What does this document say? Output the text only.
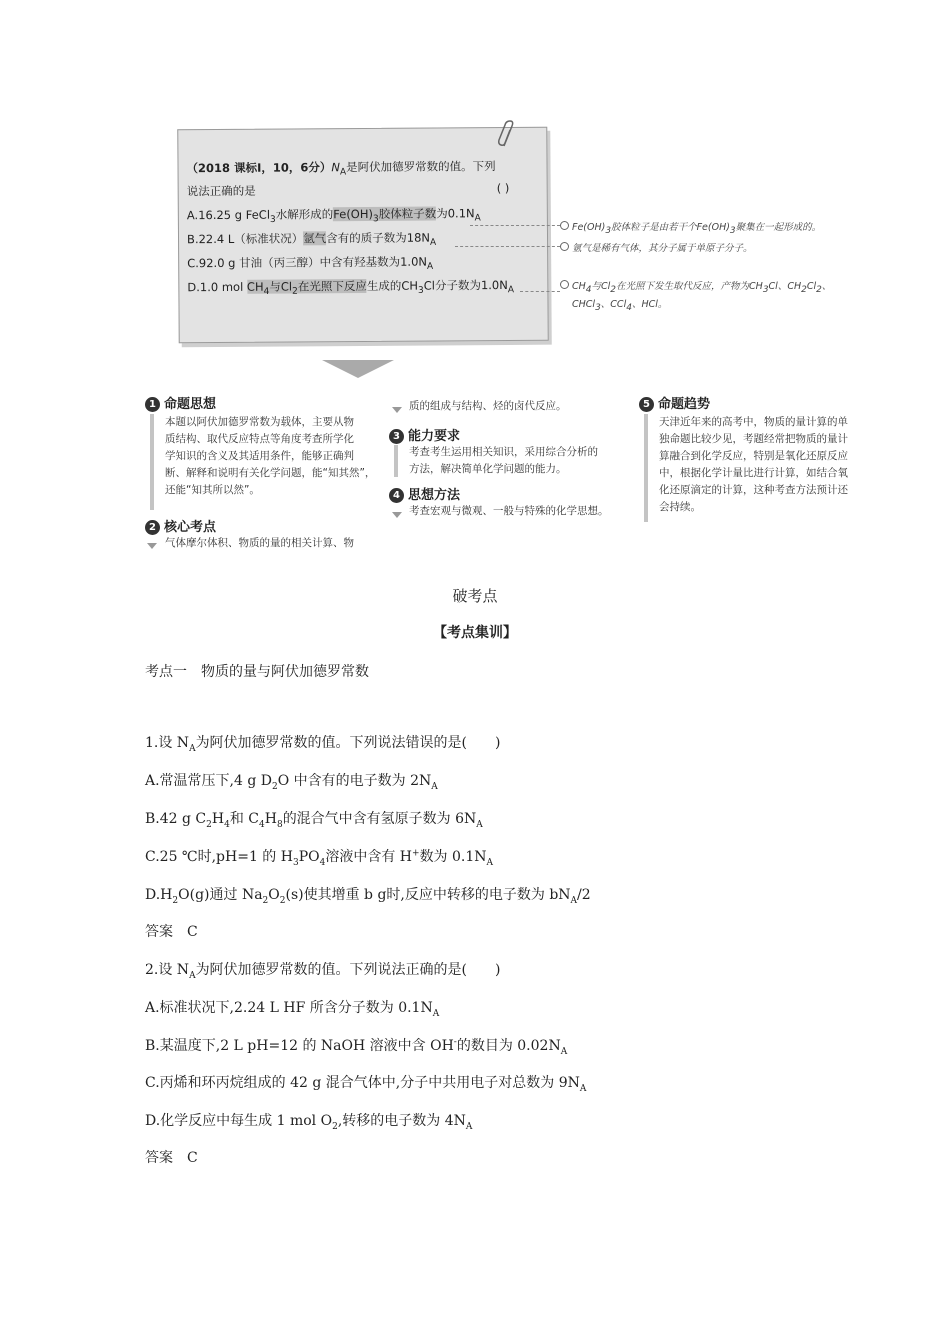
（2018 课标Ⅰ，10，6分）$N_A$是阿伏加德罗常数的值。下列
说法正确的是	( )
A.16.25 g FeCl$_3$水解形成的$Fe(OH)_3$胶体粒子数为$0.1N_A$
B.22.4 L（标准状况）氩气含有的质子数为$18N_A$
C.92.0 g 甘油（丙三醇）中含有羟基数为$1.0N_A$
D.1.0 mol $CH_4$与$Cl_2$在光照下反应生成的$CH_3Cl$分子数为$1.0N_A$
$Fe(OH)_3$胶体粒子是由若干个$Fe(OH)_3$聚集在一起形成的。
氩气是稀有气体，其分子属于单原子分子。
$CH_4$与$Cl_2$在光照下发生取代反应，产物为$CH_3Cl$、$CH_2Cl_2$、
CHCl$_3$、CCl$_4$、HCl。
1 命题思想
本题以阿伏加德罗常数为载体，主要从物
质结构、取代反应特点等角度考查所学化
学知识的含义及其适用条件，能够正确判
断、解释和说明有关化学问题，能“知其然”，
还能“知其所以然”。
2 核心考点
气体摩尔体积、物质的量的相关计算、物
质的组成与结构、烃的卤代反应。
3 能力要求
考查考生运用相关知识，采用综合分析的
方法，解决简单化学问题的能力。
4 思想方法
考查宏观与微观、一般与特殊的化学思想。
5 命题趋势
天津近年来的高考中，物质的量计算的单
独命题比较少见，考题经常把物质的量计
算融合到化学反应，特别是氧化还原反应
中，根据化学计量比进行计算，如结合氧
化还原滴定的计算，这种考查方法预计还
会持续。
破考点
【考点集训】
考点一　物质的量与阿伏加德罗常数
1.设 $N_A$为阿伏加德罗常数的值。下列说法错误的是(　　)
A.常温常压下,4 g $D_2O$ 中含有的电子数为 $2N_A$
B.42 g $C_2H_4$和 $C_4H_8$的混合气中含有氢原子数为 $6N_A$
C.25 ℃时,pH=1 的 $H_3PO_4$溶液中含有 H+数为 $0.1N_A$
$D.H_2O(g)$通过 $Na_2O_2(s)$使其增重 b g时,反应中转移的电子数为 $bN_A/2$
答案　C
2.设 $N_A$为阿伏加德罗常数的值。下列说法正确的是(　　)
A.标准状况下,2.24 L HF 所含分子数为 $0.1N_A$
B.某温度下,2 L pH=12 的 NaOH 溶液中含 OH-的数目为 $0.02N_A$
C.丙烯和环丙烷组成的 42 g 混合气体中,分子中共用电子对总数为 $9N_A$
D.化学反应中每生成 1 mol $O_2$,转移的电子数为 $4N_A$
答案　C
